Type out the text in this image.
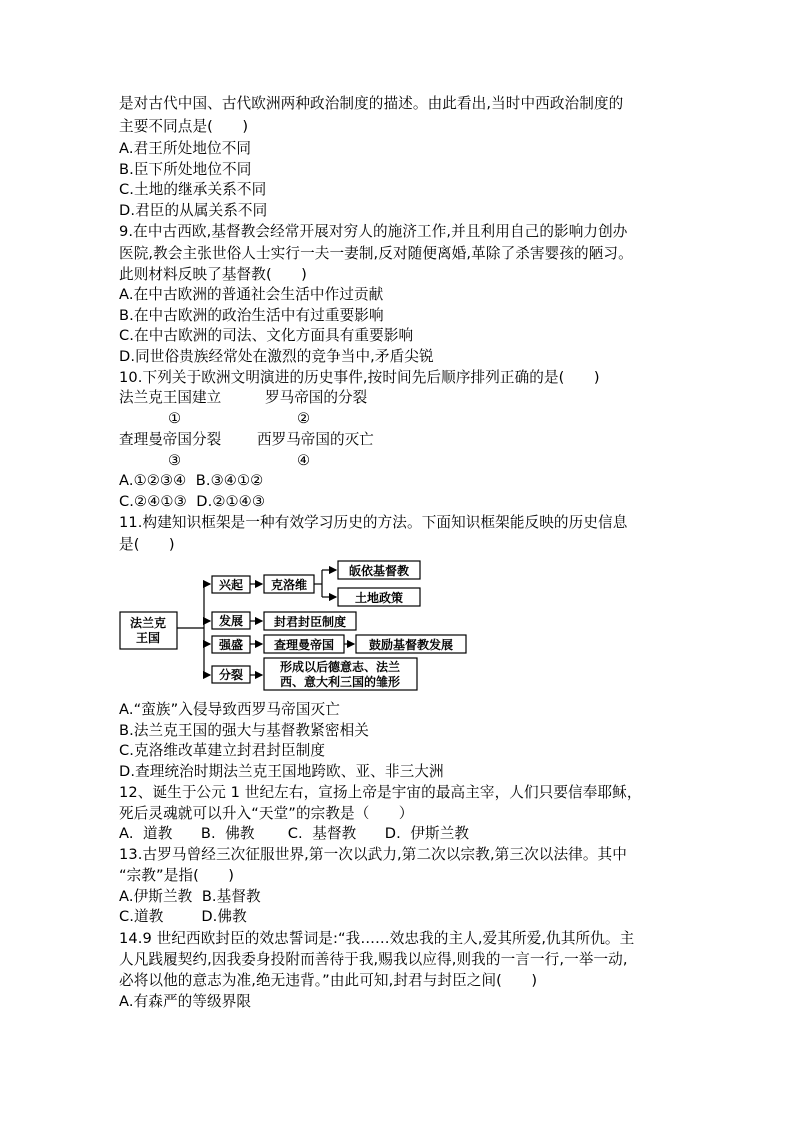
是对古代中国、古代欧洲两种政治制度的描述。由此看出,当时中西政治制度的
主要不同点是(　　)
A.君王所处地位不同
B.臣下所处地位不同
C.土地的继承关系不同
D.君臣的从属关系不同
9.在中古西欧,基督教会经常开展对穷人的施济工作,并且利用自己的影响力创办
医院,教会主张世俗人士实行一夫一妻制,反对随便离婚,革除了杀害婴孩的陋习。
此则材料反映了基督教(　　)
A.在中古欧洲的普通社会生活中作过贡献
B.在中古欧洲的政治生活中有过重要影响
C.在中古欧洲的司法、文化方面具有重要影响
D.同世俗贵族经常处在激烈的竞争当中,矛盾尖锐
10.下列关于欧洲文明演进的历史事件,按时间先后顺序排列正确的是(　　)
法兰克王国建立	罗马帝国的分裂
①	②
查理曼帝国分裂 西罗马帝国的灭亡
③	④
A.①②③④  B.③④①②
C.②④①③  D.②①④③
11.构建知识框架是一种有效学习历史的方法。下面知识框架能反映的历史信息
是(　　)
法兰克
王国
兴起
发展
强盛
分裂
克洛维
皈依基督教
土地政策
封君封臣制度
查理曼帝国	鼓励基督教发展
形成以后德意志、法兰
西、意大利三国的雏形
A.“蛮族”入侵导致西罗马帝国灭亡
B.法兰克王国的强大与基督教紧密相关
C.克洛维改革建立封君封臣制度
D.查理统治时期法兰克王国地跨欧、亚、非三大洲
12、诞生于公元 1 世纪左右，宣扬上帝是宇宙的最高主宰，人们只要信奉耶稣，
死后灵魂就可以升入“天堂”的宗教是（　　）
A.  道教      B.  佛教       C.  基督教      D.  伊斯兰教
13.古罗马曾经三次征服世界,第一次以武力,第二次以宗教,第三次以法律。其中
“宗教”是指(　　)
A.伊斯兰教  B.基督教
C.道教        D.佛教
14.9 世纪西欧封臣的效忠誓词是:“我……效忠我的主人,爱其所爱,仇其所仇。主
人凡践履契约,因我委身投附而善待于我,赐我以应得,则我的一言一行,一举一动,
必将以他的意志为准,绝无违背。”由此可知,封君与封臣之间(　　)
A.有森严的等级界限
